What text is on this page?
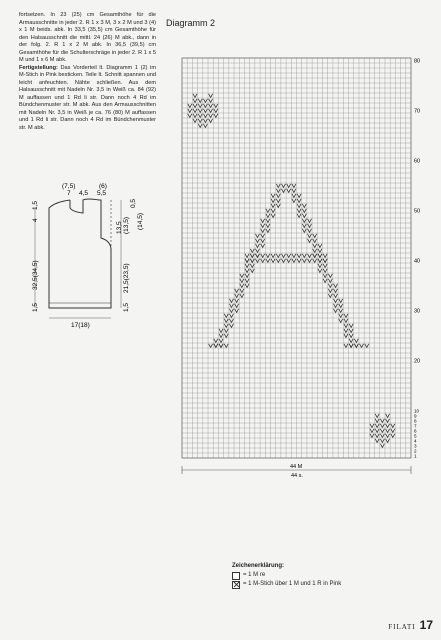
fortsetzen. In 23 (25) cm Gesamthöhe für die Armausschnitte in jeder 2. R 1 x 3 M, 3 x 2 M und 3 (4) x 1 M beids. abk. In 33,5 (35,5) cm Gesamthöhe für den Halsausschnitt die mittl. 24 (26) M abk., dann in der folg. 2. R 1 x 2 M abk. In 36,5 (39,5) cm Gesamthöhe für die Schulterschräge in jeder 2. R 1 x 5 M und 1 x 6 M abk.

Fertigstellung: Das Vorderteil lt. Diagramm 1 (2) im M-Stich in Pink besticken. Teile lt. Schnitt spannen und leicht anfeuchten. Nähte schließen. Aus dem Halsausschnitt mit Nadeln Nr. 3,5 in Weiß ca. 84 (92) M auffassen und 1 Rd li str. Dann noch 4 Rd im Bündchenmuster str. M abk. Aus den Armausschnitten mit Nadeln Nr. 3,5 in Weiß je ca. 76 (80) M auffassen und 1 Rd li str. Dann noch 4 Rd im Bündchenmuster str. M abk.

(7,5)
7 4,5
(6)
5,5
1,5
4	(13,5)
13,5 (14,5)
0,5
32,5(34,5)
1,5
21,5(23,5)
1,5
17(18)
Diagramm 2
10
9
8
7
6
5
4
3
2
1
20
30
40
50
60
70
80
44 M
44 s.
Zeichenerklärung:
= 1 M re
= 1 M-Stich über 1 M und 1 R in Pink
FILATI 17
